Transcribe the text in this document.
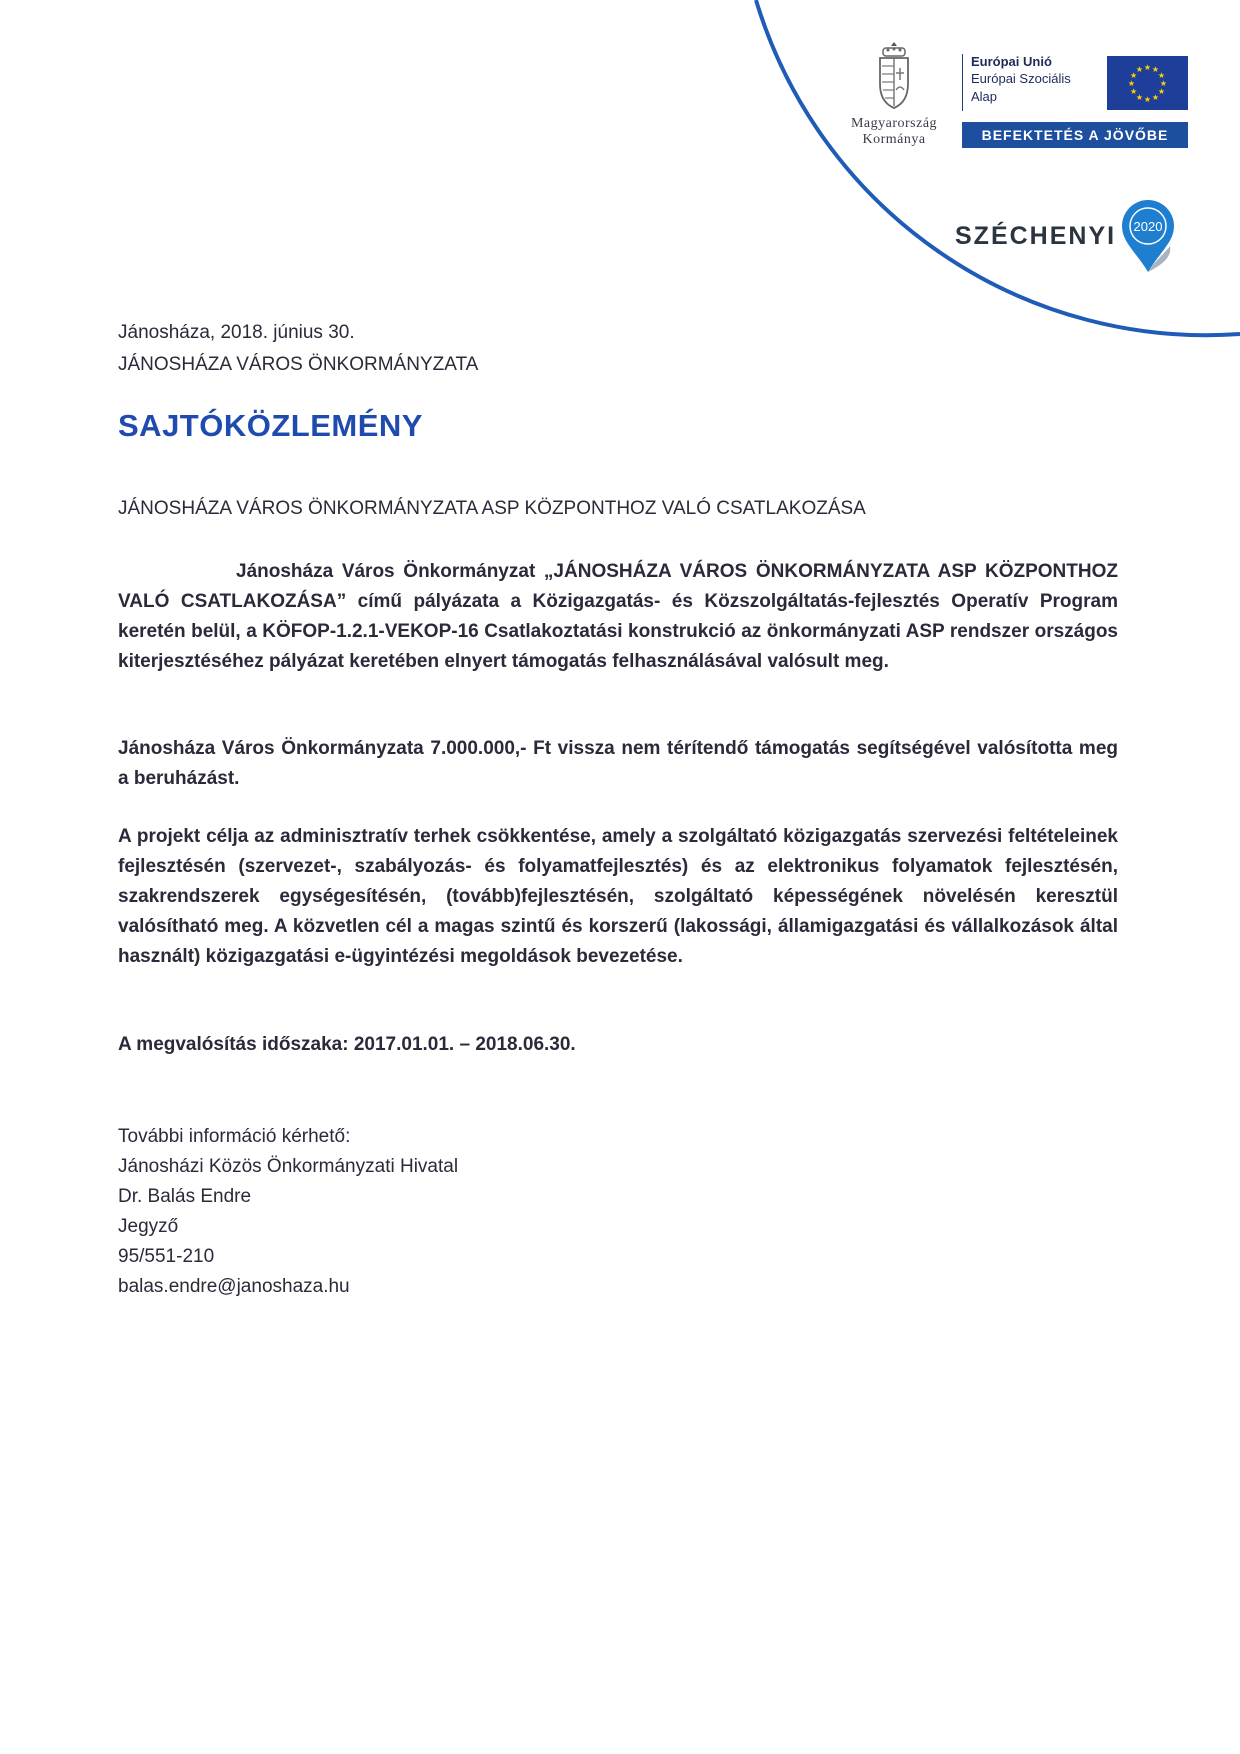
Magyarország
Kormánya
Európai Unió
Európai Szociális
Alap
★
★
★
★
★
★
★
★
★ ★ ★
★
BEFEKTETÉS A JÖVŐBE
SZÉCHENYI 2020

Jánosháza, 2018. június 30.

JÁNOSHÁZA VÁROS ÖNKORMÁNYZATA

SAJTÓKÖZLEMÉNY

JÁNOSHÁZA VÁROS ÖNKORMÁNYZATA ASP KÖZPONTHOZ VALÓ CSATLAKOZÁSA

Jánosháza Város Önkormányzat „JÁNOSHÁZA VÁROS ÖNKORMÁNYZATA ASP KÖZPONTHOZ VALÓ CSATLAKOZÁSA” című pályázata a Közigazgatás- és Közszolgáltatás-fejlesztés Operatív Program keretén belül, a KÖFOP-1.2.1-VEKOP-16 Csatlakoztatási konstrukció az önkormányzati ASP rendszer országos kiterjesztéséhez pályázat keretében elnyert támogatás felhasználásával valósult meg.

Jánosháza Város Önkormányzata 7.000.000,- Ft vissza nem térítendő támogatás segítségével valósította meg a beruházást.

A projekt célja az adminisztratív terhek csökkentése, amely a szolgáltató közigazgatás szervezési feltételeinek fejlesztésén (szervezet-, szabályozás- és folyamatfejlesztés) és az elektronikus folyamatok fejlesztésén, szakrendszerek egységesítésén, (tovább)fejlesztésén, szolgáltató képességének növelésén keresztül valósítható meg. A közvetlen cél a magas szintű és korszerű (lakossági, államigazgatási és vállalkozások által használt) közigazgatási e-ügyintézési megoldások bevezetése.

A megvalósítás időszaka: 2017.01.01. – 2018.06.30.

További információ kérhető:
Jánosházi Közös Önkormányzati Hivatal
Dr. Balás Endre
Jegyző
95/551-210
balas.endre@janoshaza.hu
